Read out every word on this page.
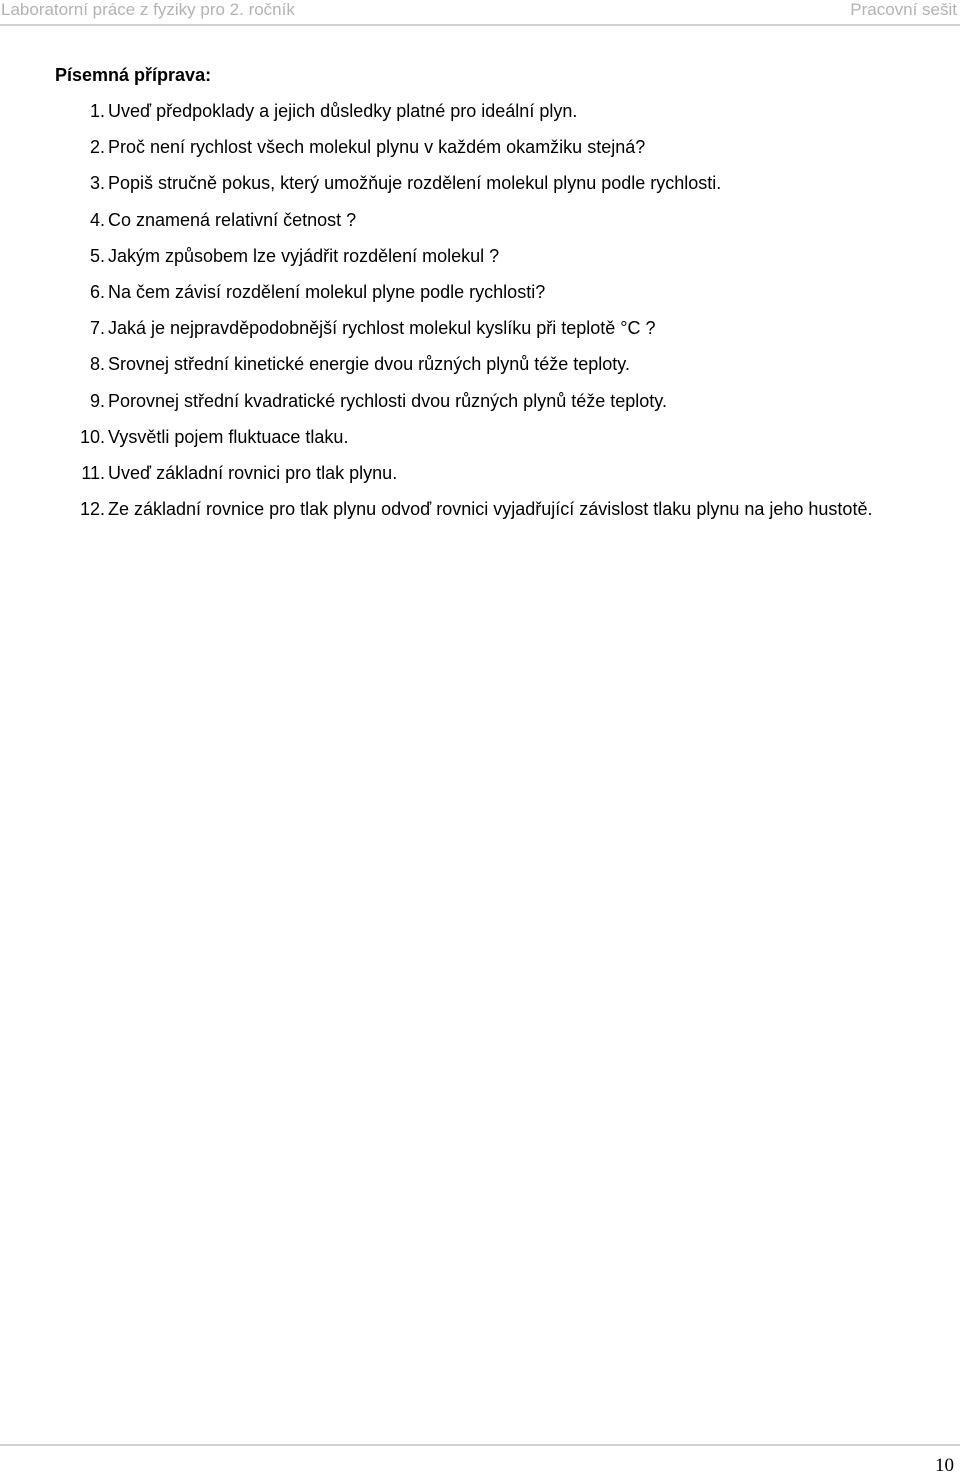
Laboratorní práce z fyziky pro 2. ročník	Pracovní sešit
Písemná příprava:
1. Uveď předpoklady a jejich důsledky platné pro ideální plyn.
2. Proč není rychlost všech molekul plynu v každém okamžiku stejná?
3. Popiš stručně pokus, který umožňuje rozdělení molekul plynu podle rychlosti.
4. Co znamená relativní četnost ?
5. Jakým způsobem lze vyjádřit rozdělení molekul ?
6. Na čem závisí rozdělení molekul plyne podle rychlosti?
7. Jaká je nejpravděpodobnější rychlost molekul kyslíku při teplotě °C ?
8. Srovnej střední kinetické energie dvou různých plynů téže teploty.
9. Porovnej střední kvadratické rychlosti dvou různých plynů téže teploty.
10. Vysvětli pojem fluktuace tlaku.
11. Uveď základní rovnici pro tlak plynu.
12. Ze základní rovnice pro tlak plynu odvoď rovnici vyjadřující závislost tlaku plynu na jeho hustotě.
10
